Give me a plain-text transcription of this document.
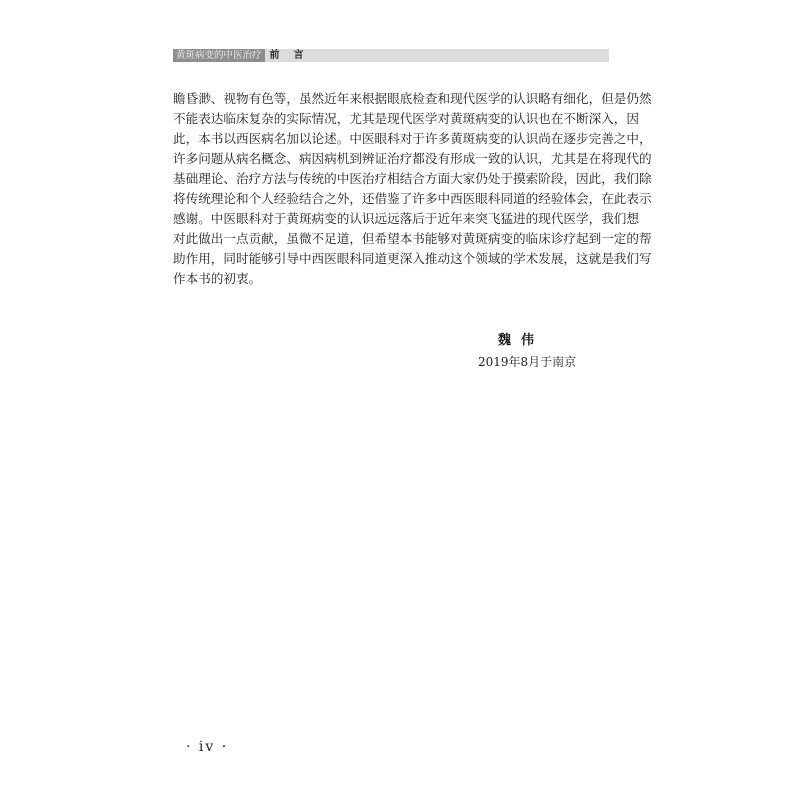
黄斑病变的中医治疗 前言
瞻昏渺、视物有色等，虽然近年来根据眼底检查和现代医学的认识略有细化，但是仍然
不能表达临床复杂的实际情况，尤其是现代医学对黄斑病变的认识也在不断深入，因
此，本书以西医病名加以论述。中医眼科对于许多黄斑病变的认识尚在逐步完善之中，
许多问题从病名概念、病因病机到辨证治疗都没有形成一致的认识，尤其是在将现代的
基础理论、治疗方法与传统的中医治疗相结合方面大家仍处于摸索阶段，因此，我们除
将传统理论和个人经验结合之外，还借鉴了许多中西医眼科同道的经验体会，在此表示
感谢。中医眼科对于黄斑病变的认识远远落后于近年来突飞猛进的现代医学，我们想
对此做出一点贡献，虽微不足道，但希望本书能够对黄斑病变的临床诊疗起到一定的帮
助作用，同时能够引导中西医眼科同道更深入推动这个领域的学术发展，这就是我们写
作本书的初衷。
魏伟
2019年8月于南京
· iv ·
